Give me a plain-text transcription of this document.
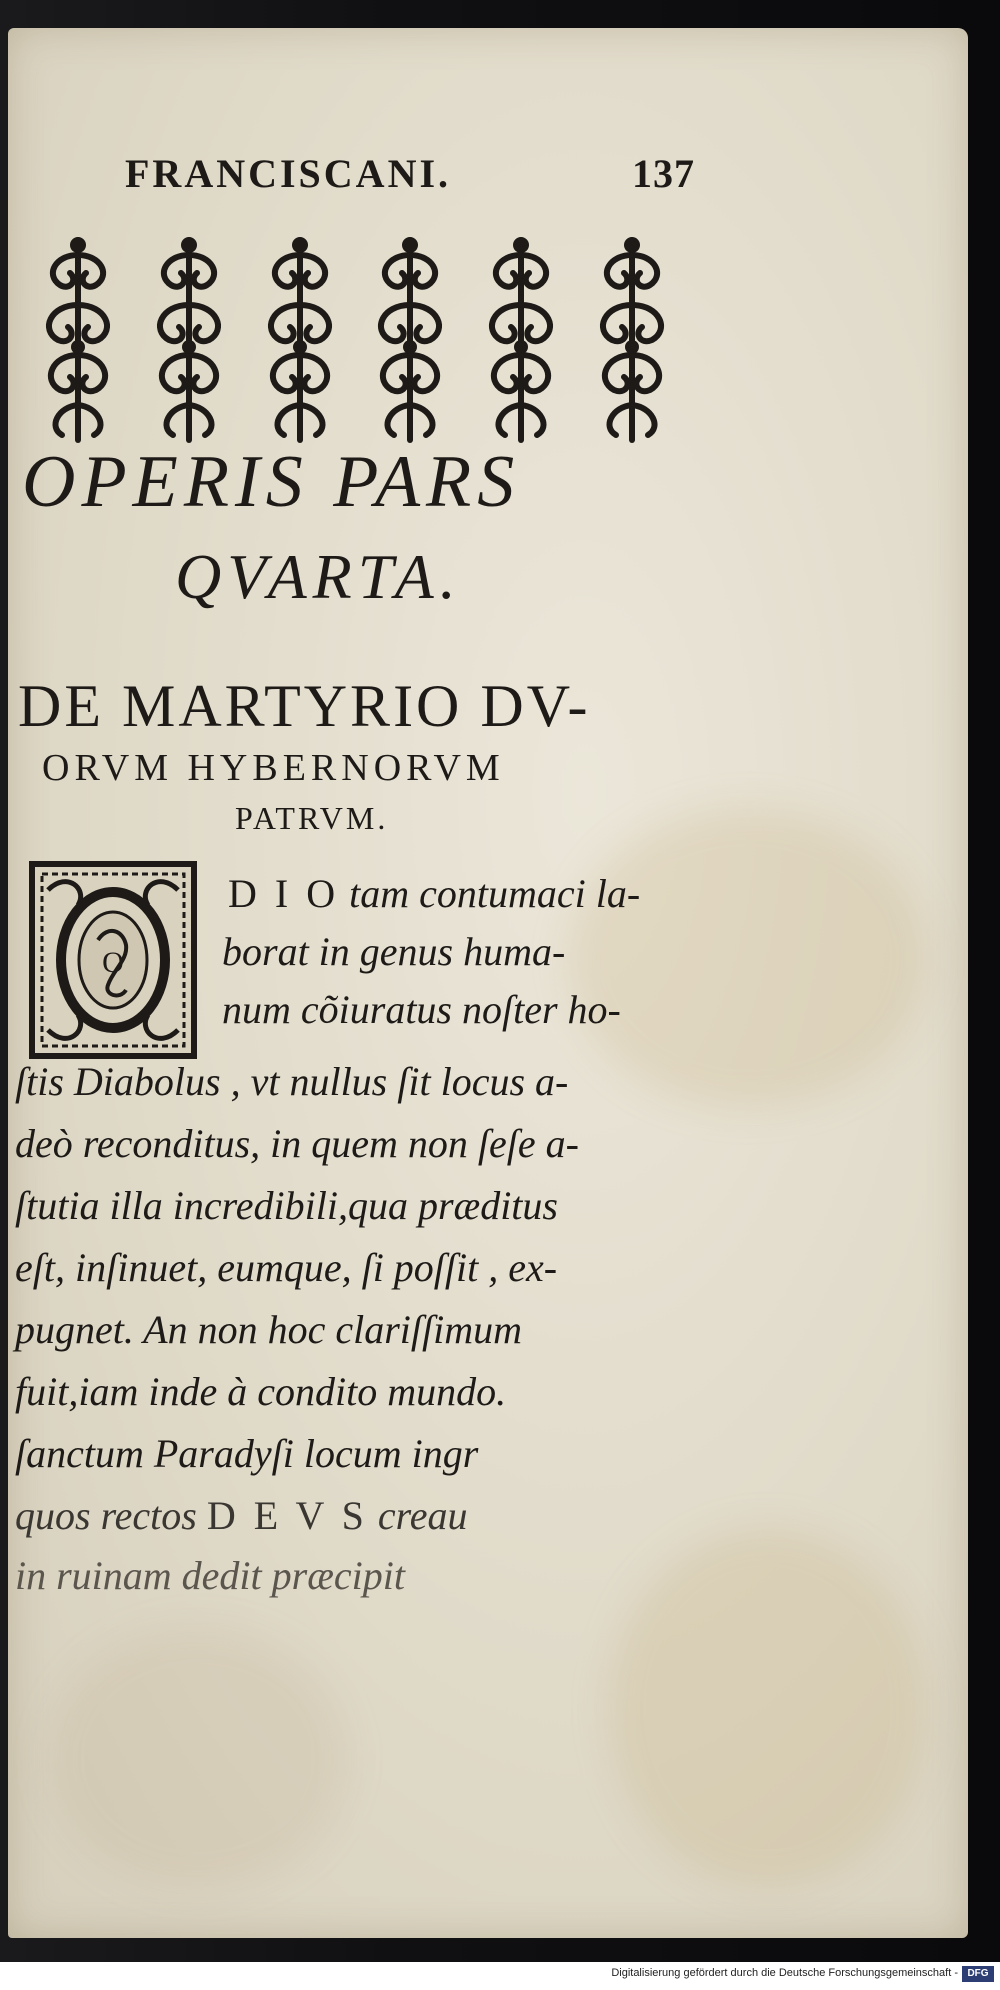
FRANCISCANI.	137
OPERIS PARS
QVARTA.
DE MARTYRIO DV-
ORVM HYBERNORVM
PATRVM.
O
D I O tam contumaci la-
borat in genus huma-
num cõiuratus noſter ho-
ſtis Diabolus , vt nullus ſit locus a-
deò reconditus, in quem non ſeſe a-
ſtutia illa incredibili,qua præditus
eſt, inſinuet, eumque, ſi poſſit , ex-
pugnet. An non hoc clariſſimum
fuit,iam inde à condito mundo.
ſanctum Paradyſi locum ingr
quos rectos D E V S creau
in ruinam dedit præcipit
Digitalisierung gefördert durch die Deutsche Forschungsgemeinschaft - DFG
